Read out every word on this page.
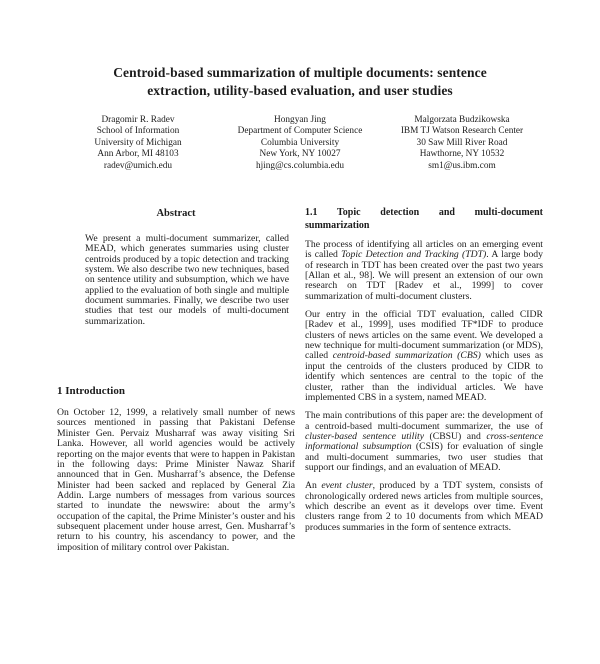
Centroid-based summarization of multiple documents: sentence
extraction, utility-based evaluation, and user studies
Dragomir R. Radev
School of Information
University of Michigan
Ann Arbor, MI 48103
radev@umich.edu
Hongyan Jing
Department of Computer Science
Columbia University
New York, NY 10027
hjing@cs.columbia.edu
Malgorzata Budzikowska
IBM TJ Watson Research Center
30 Saw Mill River Road
Hawthorne, NY 10532
sm1@us.ibm.com
Abstract
We present a multi-document summarizer, called MEAD, which generates summaries using cluster centroids produced by a topic detection and tracking system. We also describe two new techniques, based on sentence utility and subsumption, which we have applied to the evaluation of both single and multiple document summaries. Finally, we describe two user studies that test our models of multi-document summarization.
1 Introduction
On October 12, 1999, a relatively small number of news sources mentioned in passing that Pakistani Defense Minister Gen. Pervaiz Musharraf was away visiting Sri Lanka. However, all world agencies would be actively reporting on the major events that were to happen in Pakistan in the following days: Prime Minister Nawaz Sharif announced that in Gen. Musharraf’s absence, the Defense Minister had been sacked and replaced by General Zia Addin. Large numbers of messages from various sources started to inundate the newswire: about the army’s occupation of the capital, the Prime Minister’s ouster and his subsequent placement under house arrest, Gen. Musharraf’s return to his country, his ascendancy to power, and the imposition of military control over Pakistan.
1.1 Topic detection and multi-document
summarization
The process of identifying all articles on an emerging event is called Topic Detection and Tracking (TDT). A large body of research in TDT has been created over the past two years [Allan et al., 98]. We will present an extension of our own research on TDT [Radev et al., 1999] to cover summarization of multi-document clusters.
Our entry in the official TDT evaluation, called CIDR [Radev et al., 1999], uses modified TF*IDF to produce clusters of news articles on the same event. We developed a new technique for multi-document summarization (or MDS), called centroid-based summarization (CBS) which uses as input the centroids of the clusters produced by CIDR to identify which sentences are central to the topic of the cluster, rather than the individual articles. We have implemented CBS in a system, named MEAD.
The main contributions of this paper are: the development of a centroid-based multi-document summarizer, the use of cluster-based sentence utility (CBSU) and cross-sentence informational subsumption (CSIS) for evaluation of single and multi-document summaries, two user studies that support our findings, and an evaluation of MEAD.
An event cluster, produced by a TDT system, consists of chronologically ordered news articles from multiple sources, which describe an event as it develops over time. Event clusters range from 2 to 10 documents from which MEAD produces summaries in the form of sentence extracts.
